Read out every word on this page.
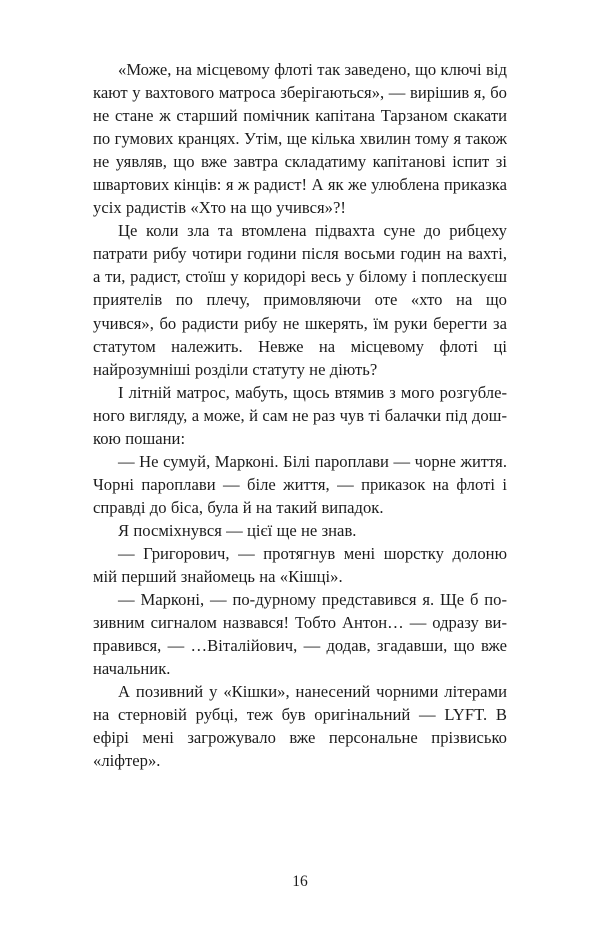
«Може, на місцевому флоті так заведено, що ключі від кают у вахтового матроса зберігаються», — вирішив я, бо не стане ж старший помічник капітана Тарзаном скакати по гумових кранцях. Утім, ще кілька хвилин тому я також не уявляв, що вже завтра складатиму капітанові іспит зі швартових кінців: я ж радист! А як же улюблена приказка усіх радистів «Хто на що учився»?!

Це коли зла та втомлена підвахта суне до рибцеху патрати рибу чотири години після восьми годин на вахті, а ти, радист, стоїш у коридорі весь у білому і поплескуєш приятелів по плечу, примовляючи оте «хто на що учився», бо радисти рибу не шкерять, їм руки берегти за статутом належить. Невже на місцевому флоті ці найрозумніші розділи статуту не діють?

І літній матрос, мабуть, щось втямив з мого розгубленого вигляду, а може, й сам не раз чув ті балачки під дошкою пошани:

— Не сумуй, Марконі. Білі пароплави — чорне життя. Чорні пароплави — біле життя, — приказок на флоті і справді до біса, була й на такий випадок.

Я посміхнувся — цієї ще не знав.

— Григорович, — протягнув мені шорстку долоню мій перший знайомець на «Кішці».

— Марконі, — по-дурному представився я. Ще б позивним сигналом назвався! Тобто Антон… — одразу виправився, — …Віталійович, — додав, згадавши, що вже начальник.

А позивний у «Кішки», нанесений чорними літерами на стерновій рубці, теж був оригінальний — LYFT. В ефірі мені загрожувало вже персональне прізвисько «ліфтер».

16
